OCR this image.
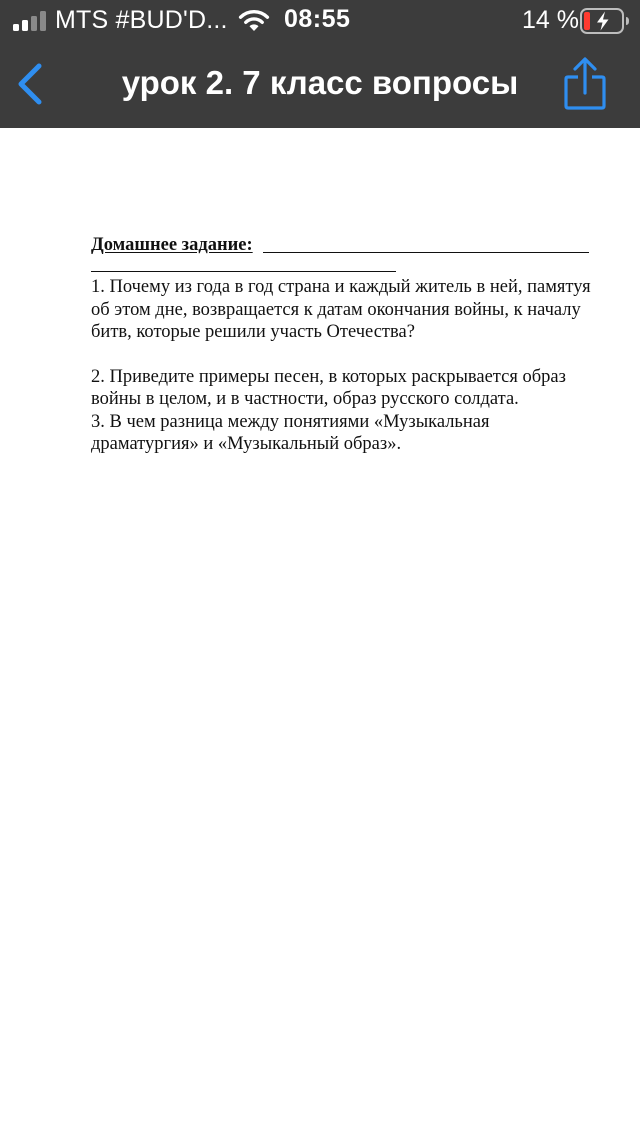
MTS #BUD'D... 08:55	14 %
урок 2. 7 класс вопросы
Домашнее задание:

1. Почему из года в год страна и каждый житель в ней, памятуя об этом дне, возвращается к датам окончания войны, к началу битв, которые решили участь Отечества?

2. Приведите примеры песен, в которых раскрывается образ войны в целом, и в частности, образ русского солдата.

3. В чем разница между понятиями «Музыкальная драматургия» и «Музыкальный образ».
